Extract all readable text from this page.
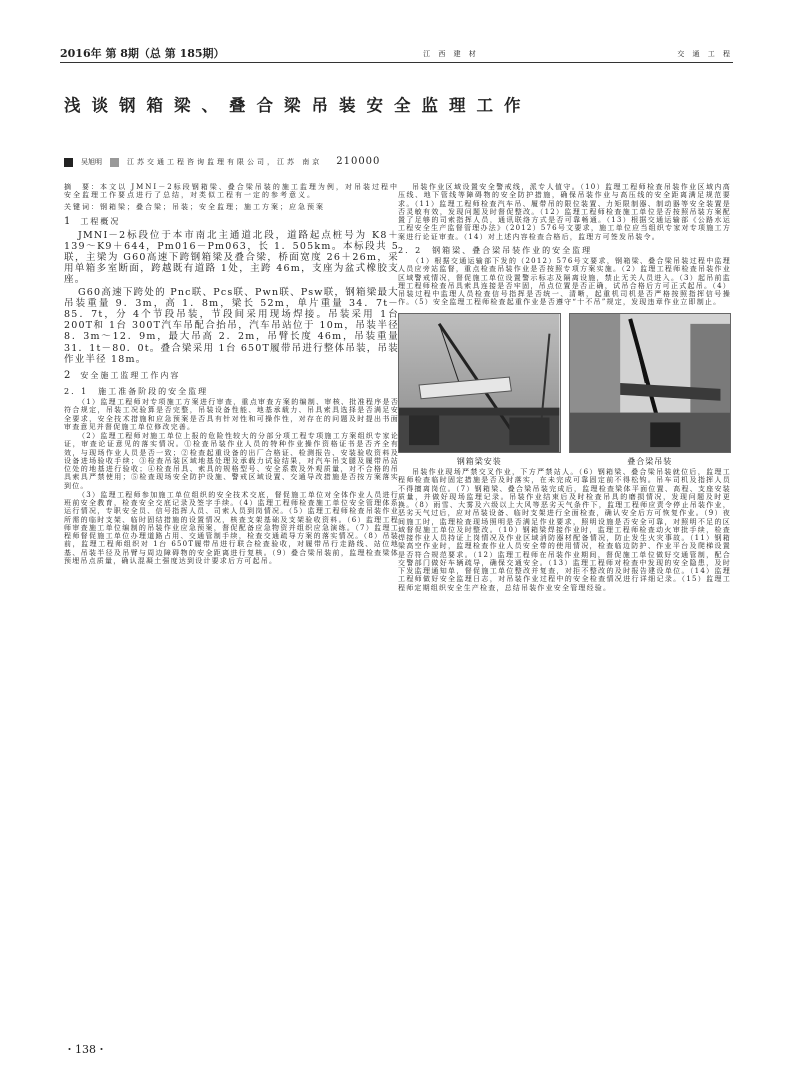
2016年 第 8期（总 第 185期）	江 西 建 材	交 通 工 程
浅谈钢箱梁、叠合梁吊装安全监理工作
吴旭明	江苏交通工程咨询监理有限公司，江苏 南京 210000

摘　要：本文以 JMNI－2标段钢箱梁、叠合梁吊装的施工监理为例，对吊装过程中安全监理工作要点进行了总结，对类似工程有一定的参考意义。

关键词：钢箱梁；叠合梁；吊装；安全监理；施工方案；应急预案

1 工程概况

JMNI－2标段位于本市南北主通道北段，道路起点桩号为 K8＋139～K9＋644，Pm016－Pm063，长 1．505km。本标段共 5联，主梁为 G60高速下跨钢箱梁及叠合梁，桥面宽度 26＋26m，采用单箱多室断面，跨越既有道路 1处，主跨 46m，支座为盆式橡胶支座。

G60高速下跨处的 Pnc联、Pcs联、Pwn联、Psw联，钢箱梁最大吊装重量 9．3m，高 1．8m，梁长 52m，单片重量 34．7t－85．7t，分 4个节段吊装，节段间采用现场焊接。吊装采用 1台 200T和 1台 300T汽车吊配合抬吊，汽车吊站位于 10m，吊装半径 8．3m～12．9m，最大吊高 2．2m，吊臂长度 46m，吊装重量 31．1t－80．0t。叠合梁采用 1台 650T履带吊进行整体吊装，吊装作业半径 18m。

2 安全施工监理工作内容
2．1　施工准备阶段的安全监理

（1）监理工程师对专项施工方案进行审查，重点审查方案的编制、审核、批准程序是否符合规定，吊装工况验算是否完整，吊装设备性能、地基承载力、吊具索具选择是否满足安全要求，安全技术措施和应急预案是否具有针对性和可操作性，对存在的问题及时提出书面审查意见并督促施工单位修改完善。

（2）监理工程师对施工单位上报的危险性较大的分部分项工程专项施工方案组织专家论证，审查论证意见的落实情况。①检查吊装作业人员的特种作业操作资格证书是否齐全有效，与现场作业人员是否一致；②检查起重设备的出厂合格证、检测报告、安装验收资料及设备进场验收手续；③检查吊装区域地基处理及承载力试验结果，对汽车吊支腿及履带吊站位处的地基进行验收；④检查吊具、索具的规格型号、安全系数及外观质量，对不合格的吊具索具严禁使用；⑤检查现场安全防护设施、警戒区域设置、交通导改措施是否按方案落实到位。

（3）监理工程师参加施工单位组织的安全技术交底，督促施工单位对全体作业人员进行班前安全教育，检查安全交底记录及签字手续。（4）监理工程师检查施工单位安全管理体系运行情况，专职安全员、信号指挥人员、司索人员到岗情况。（5）监理工程师检查吊装作业所需的临时支架、临时固结措施的设置情况，核查支架基础及支架验收资料。（6）监理工程师审查施工单位编制的吊装作业应急预案，督促配备应急物资并组织应急演练。（7）监理工程师督促施工单位办理道路占用、交通管制手续，检查交通疏导方案的落实情况。（8）吊装前，监理工程师组织对 1台 650T履带吊进行联合检查验收，对履带吊行走路线、站位地基、吊装半径及吊臂与周边障碍物的安全距离进行复核。（9）叠合梁吊装前，监理检查梁体预埋吊点质量，确认混凝土强度达到设计要求后方可起吊。

吊装作业区域设置安全警戒线，派专人值守。（10）监理工程师检查吊装作业区域内高压线、地下管线等障碍物的安全防护措施，确保吊装作业与高压线的安全距离满足规范要求。（11）监理工程师检查汽车吊、履带吊的限位装置、力矩限制器、制动器等安全装置是否灵敏有效，发现问题及时督促整改。（12）监理工程师检查施工单位是否按照吊装方案配置了足够的司索指挥人员，通讯联络方式是否可靠畅通。（13）根据交通运输部《公路水运工程安全生产监督管理办法》（2012）576号文要求，施工单位应当组织专家对专项施工方案进行论证审查。（14）对上述内容检查合格后，监理方可签发吊装令。

2．2　钢箱梁、叠合梁吊装作业的安全监理

（1）根据交通运输部下发的（2012）576号文要求，钢箱梁、叠合梁吊装过程中监理人员应旁站监督，重点检查吊装作业是否按照专项方案实施。（2）监理工程师检查吊装作业区域警戒情况，督促施工单位设置警示标志及隔离设施，禁止无关人员进入。（3）起吊前监理工程师检查吊具索具连接是否牢固，吊点位置是否正确，试吊合格后方可正式起吊。（4）吊装过程中监理人员检查信号指挥是否统一、清晰，起重机司机是否严格按照指挥信号操作。（5）安全监理工程师检查起重作业是否遵守“十不吊”规定，发现违章作业立即制止。

钢箱梁安装	叠合梁吊装

吊装作业现场严禁交叉作业，下方严禁站人。（6）钢箱梁、叠合梁吊装就位后，监理工程师检查临时固定措施是否及时落实，在未完成可靠固定前不得松钩。吊车司机及指挥人员不得擅离岗位。（7）钢箱梁、叠合梁吊装完成后，监理检查梁体平面位置、高程、支座安装质量，并做好现场监理记录。吊装作业结束后及时检查吊具的磨损情况，发现问题及时更换。（8）雨雪、大雾及六级以上大风等恶劣天气条件下，监理工程师应责令停止吊装作业，恶劣天气过后，应对吊装设备、临时支架进行全面检查，确认安全后方可恢复作业。（9）夜间施工时，监理检查现场照明是否满足作业要求，照明设施是否安全可靠，对照明不足的区域督促施工单位及时整改。（10）钢箱梁焊接作业时，监理工程师检查动火审批手续，检查焊接作业人员持证上岗情况及作业区域消防器材配备情况，防止发生火灾事故。（11）钢箱梁高空作业时，监理检查作业人员安全带的使用情况，检查临边防护、作业平台及爬梯设置是否符合规范要求。（12）监理工程师在吊装作业期间，督促施工单位做好交通管制，配合交警部门做好车辆疏导，确保交通安全。（13）监理工程师对检查中发现的安全隐患，及时下发监理通知单，督促施工单位整改并复查，对拒不整改的及时报告建设单位。（14）监理工程师做好安全监理日志，对吊装作业过程中的安全检查情况进行详细记录。（15）监理工程师定期组织安全生产检查，总结吊装作业安全管理经验。

・138・
